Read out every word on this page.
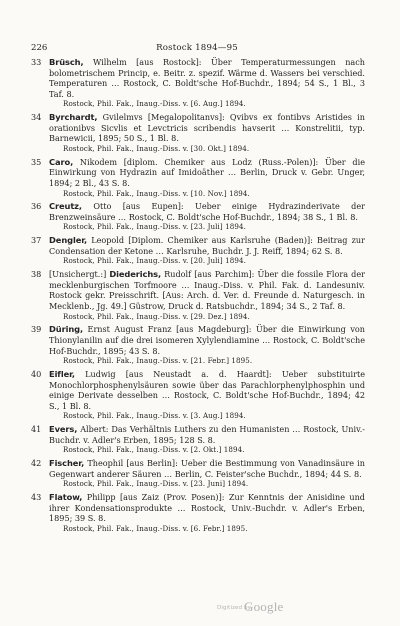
226	Rostock 1894—95
33 Brüsch, Wilhelm [aus Rostock]: Über Temperaturmessungen nach bolometrischem Princip, e. Beitr. z. spezif. Wärme d. Wassers bei verschied. Temperaturen … Rostock, C. Boldt'sche Hof-Buchdr., 1894; 54 S., 1 Bl., 3 Taf. 8.
Rostock, Phil. Fak., Inaug.-Diss. v. [6. Aug.] 1894.
34 Byrchardt, Gvilelmvs [Megalopolitanvs]: Qvibvs ex fontibvs Aristides in orationibvs Sicvlis et Levctricis scribendis havserit … Konstrelitii, typ. Barnewicii, 1895; 50 S., 1 Bl. 8.
Rostock, Phil. Fak., Inaug.-Diss. v. [30. Okt.] 1894.
35 Caro, Nikodem [diplom. Chemiker aus Lodz (Russ.-Polen)]: Über die Einwirkung von Hydrazin auf Imidoäther … Berlin, Druck v. Gebr. Unger, 1894; 2 Bl., 43 S. 8.
Rostock, Phil. Fak., Inaug.-Diss. v. [10. Nov.] 1894.
36 Creutz, Otto [aus Eupen]: Ueber einige Hydrazinderivate der Brenzweinsäure … Rostock, C. Boldt'sche Hof-Buchdr., 1894; 38 S., 1 Bl. 8.
Rostock, Phil. Fak., Inaug.-Diss. v. [23. Juli] 1894.
37 Dengler, Leopold [Diplom. Chemiker aus Karlsruhe (Baden)]: Beitrag zur Condensation der Ketone … Karlsruhe, Buchdr. J. J. Reiff, 1894; 62 S. 8.
Rostock, Phil. Fak., Inaug.-Diss. v. [20. Juli] 1894.
38 [Unsichergt.:] Diederichs, Rudolf [aus Parchim]: Über die fossile Flora der mecklenburgischen Torfmoore … Inaug.-Diss. v. Phil. Fak. d. Landesuniv. Rostock gekr. Preisschrift. [Aus: Arch. d. Ver. d. Freunde d. Naturgesch. in Mecklenb., Jg. 49.] Güstrow, Druck d. Ratsbuchdr., 1894; 34 S., 2 Taf. 8.
Rostock, Phil. Fak., Inaug.-Diss. v. [29. Dez.] 1894.
39 Düring, Ernst August Franz [aus Magdeburg]: Über die Einwirkung von Thionylanilin auf die drei isomeren Xylylendiamine … Rostock, C. Boldt'sche Hof-Buchdr., 1895; 43 S. 8.
Rostock, Phil. Fak., Inaug.-Diss. v. [21. Febr.] 1895.
40 Eifler, Ludwig [aus Neustadt a. d. Haardt]: Ueber substituirte Monochlorphosphenylsäuren sowie über das Parachlorphenylphosphin und einige Derivate desselben … Rostock, C. Boldt'sche Hof-Buchdr., 1894; 42 S., 1 Bl. 8.
Rostock, Phil. Fak., Inaug.-Diss. v. [3. Aug.] 1894.
41 Evers, Albert: Das Verhältnis Luthers zu den Humanisten … Rostock, Univ.-Buchdr. v. Adler's Erben, 1895; 128 S. 8.
Rostock, Phil. Fak., Inaug.-Diss. v. [2. Okt.] 1894.
42 Fischer, Theophil [aus Berlin]: Ueber die Bestimmung von Vanadinsäure in Gegenwart anderer Säuren … Berlin, C. Feister'sche Buchdr., 1894; 44 S. 8.
Rostock, Phil. Fak., Inaug.-Diss. v. [23. Juni] 1894.
43 Flatow, Philipp [aus Zaiz (Prov. Posen)]: Zur Kenntnis der Anisidine und ihrer Kondensationsprodukte … Rostock, Univ.-Buchdr. v. Adler's Erben, 1895; 39 S. 8.
Rostock, Phil. Fak., Inaug.-Diss. v. [6. Febr.] 1895.
Digitized by
Google
